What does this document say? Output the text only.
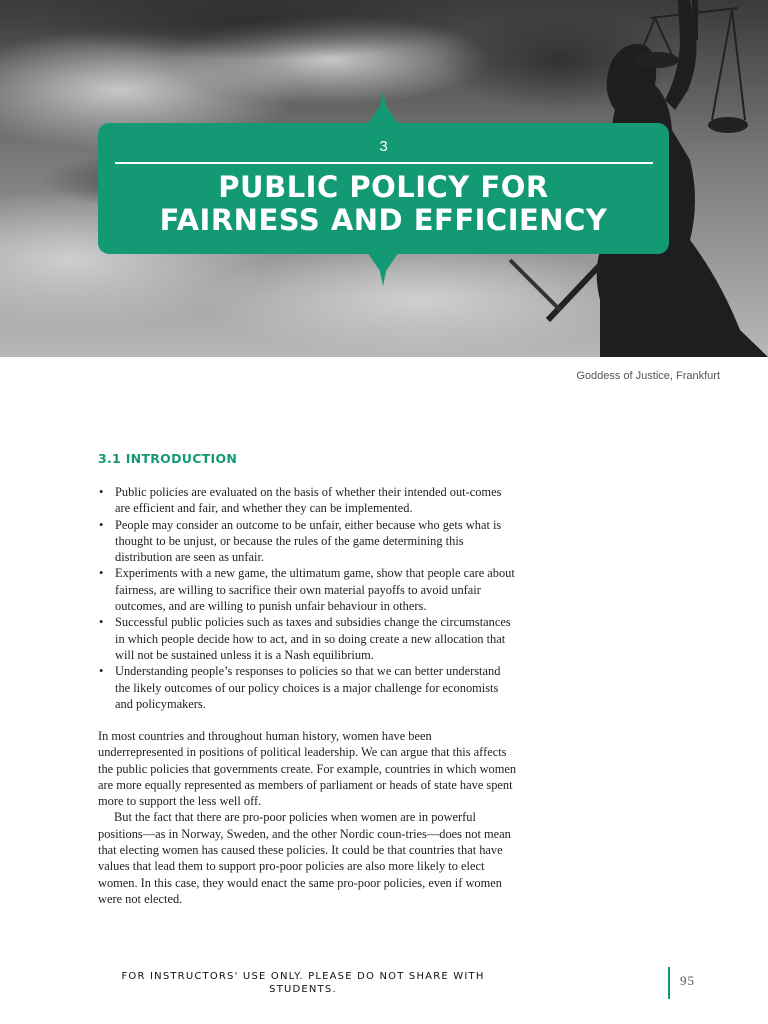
3
PUBLIC POLICY FOR
FAIRNESS AND EFFICIENCY
Goddess of Justice, Frankfurt
3.1 INTRODUCTION
• Public policies are evaluated on the basis of whether their intended out-comes are efficient and fair, and whether they can be implemented.
• People may consider an outcome to be unfair, either because who gets what is thought to be unjust, or because the rules of the game determining this distribution are seen as unfair.
• Experiments with a new game, the ultimatum game, show that people care about fairness, are willing to sacrifice their own material payoffs to avoid unfair outcomes, and are willing to punish unfair behaviour in others.
• Successful public policies such as taxes and subsidies change the circumstances in which people decide how to act, and in so doing create a new allocation that will not be sustained unless it is a Nash equilibrium.
• Understanding people’s responses to policies so that we can better understand the likely outcomes of our policy choices is a major challenge for economists and policymakers.

In most countries and throughout human history, women have been underrepresented in positions of political leadership. We can argue that this affects the public policies that governments create. For example, countries in which women are more equally represented as members of parliament or heads of state have spent more to support the less well off.

But the fact that there are pro-poor policies when women are in powerful positions—as in Norway, Sweden, and the other Nordic coun-tries—does not mean that electing women has caused these policies. It could be that countries that have values that lead them to support pro-poor policies are also more likely to elect women. In this case, they would enact the same pro-poor policies, even if women were not elected.

FOR INSTRUCTORS' USE ONLY. PLEASE DO NOT SHARE WITH STUDENTS.
95
